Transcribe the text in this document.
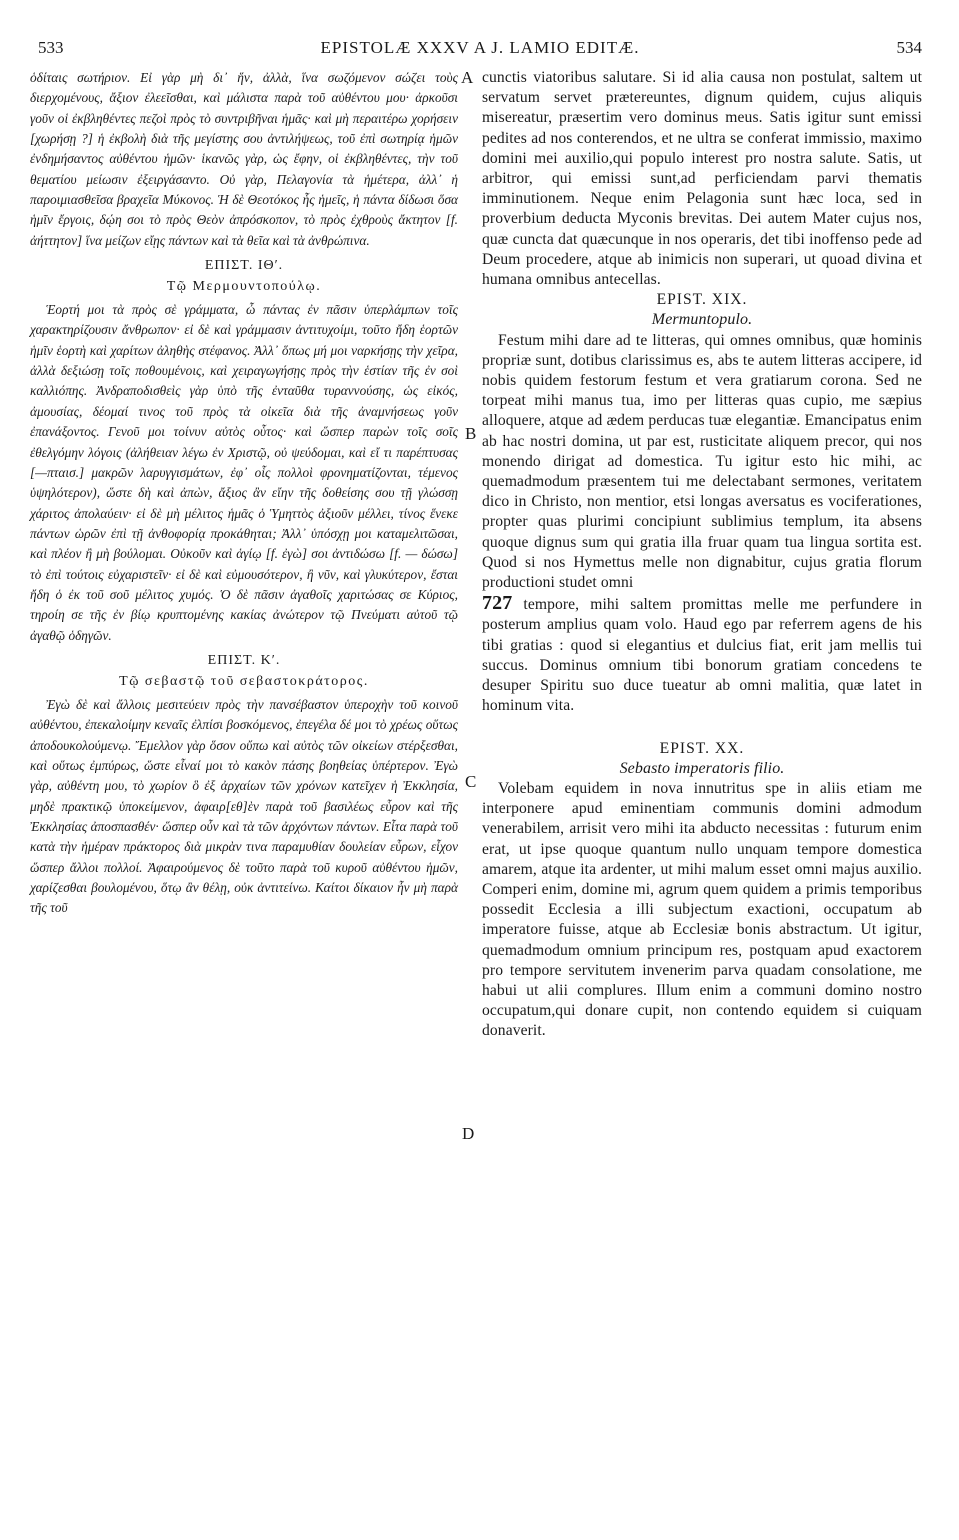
533	EPISTOLÆ XXXV A J. LAMIO EDITÆ.	534

ὁδίταις σωτήριον. Εἰ γὰρ μὴ δι᾽ ἥν, ἀλλὰ, ἵνα σωζόμενον σώζει τοὺς διερχομένους, ἄξιον ἐλεεῖσθαι, καὶ μάλιστα παρὰ τοῦ αὐθέντου μου· ἀρκοῦσι γοῦν οἱ ἐκβληθέντες πεζοὶ πρὸς τὸ συντριβῆναι ἡμᾶς· καὶ μὴ περαιτέρω χορήσειν [χωρήσῃ ?] ἡ ἐκβολὴ διὰ τῆς μεγίστης σου ἀντιλήψεως, τοῦ ἐπὶ σωτηρίᾳ ἡμῶν ἐνδημήσαντος αὐθέντου ἡμῶν· ἱκανῶς γὰρ, ὡς ἔφην, οἱ ἐκβληθέντες, τὴν τοῦ θεματίου μείωσιν ἐξειργάσαντο. Οὐ γὰρ, Πελαγονία τὰ ἡμέτερα, ἀλλ᾽ ἡ παροιμιασθεῖσα βραχεῖα Μύκονος. Ἡ δὲ Θεοτόκος ἧς ἡμεῖς, ἡ πάντα δίδωσι ὅσα ἡμῖν ἔργοις, δῴη σοι τὸ πρὸς Θεὸν ἀπρόσκοπον, τὸ πρὸς ἐχθροὺς ἄκτητον [f. ἀήττητον] ἵνα μείζων εἴῃς πάντων καὶ τὰ θεῖα καὶ τὰ ἀνθρώπινα.

ΕΠΙΣΤ. ΙΘ′.
Τῷ Μερμουντοπούλῳ.

Ἑορτή μοι τὰ πρὸς σὲ γράμματα, ὦ πάντας ἐν πᾶσιν ὑπερλάμπων τοῖς χαρακτηρίζουσιν ἄνθρωπον· εἰ δὲ καὶ γράμμασιν ἀντιτυχοίμι, τοῦτο ἤδη ἑορτῶν ἡμῖν ἑορτὴ καὶ χαρίτων ἀληθὴς στέφανος. Ἀλλ᾽ ὅπως μή μοι ναρκήσῃς τὴν χεῖρα, ἀλλὰ δεξιώσῃ τοῖς ποθουμένοις, καὶ χειραγωγήσῃς πρὸς τὴν ἑστίαν τῆς ἐν σοὶ καλλιόπης. Ἀνδραποδισθεὶς γὰρ ὑπὸ τῆς ἐνταῦθα τυραννούσης, ὡς εἰκός, ἀμουσίας, δέομαί τινος τοῦ πρὸς τὰ οἰκεῖα διὰ τῆς ἀναμνήσεως γοῦν ἐπανάξοντος. Γενοῦ μοι τοίνυν αὐτὸς οὗτος· καὶ ὥσπερ παρὼν τοῖς σοῖς ἐθελγόμην λόγοις (ἀλήθειαν λέγω ἐν Χριστῷ, οὐ ψεύδομαι, καὶ εἴ τι παρέπτυσας [—πταισ.] μακρῶν λαρυγγισμάτων, ἐφ᾽ οἷς πολλοὶ φρονηματίζονται, τέμενος ὑψηλότερον), ὥστε δὴ καὶ ἀπὼν, ἄξιος ἂν εἴην τῆς δοθείσης σου τῇ γλώσσῃ χάριτος ἀπολαύειν· εἰ δὲ μὴ μέλιτος ἡμᾶς ὁ Ὑμηττὸς ἀξιοῦν μέλλει, τίνος ἕνεκε πάντων ὡρῶν ἐπὶ τῇ ἀνθοφορίᾳ προκάθηται; Ἀλλ᾽ ὑπόσχῃ μοι καταμελιτῶσαι, καὶ πλέον ἢ μὴ βούλομαι. Οὐκοῦν καὶ ἁγίῳ [f. ἐγὼ] σοι ἀντιδώσω [f. — δώσω] τὸ ἐπὶ τούτοις εὐχαριστεῖν· εἰ δὲ καὶ εὐμουσότερον, ἢ νῦν, καὶ γλυκύτερον, ἔσται ἤδη ὁ ἐκ τοῦ σοῦ μέλιτος χυμός. Ὁ δὲ πᾶσιν ἀγαθοῖς χαριτώσας σε Κύριος, τηροίη σε τῆς ἐν βίῳ κρυπτομένης κακίας ἀνώτερον τῷ Πνεύματι αὐτοῦ τῷ ἀγαθῷ ὁδηγῶν.

ΕΠΙΣΤ. Κ′.
Τῷ σεβαστῷ τοῦ σεβαστοκράτορος.

Ἐγὼ δὲ καὶ ἄλλοις μεσιτεύειν πρὸς τὴν πανσέβαστον ὑπεροχὴν τοῦ κοινοῦ αὐθέντου, ἐπεκαλοίμην κεναῖς ἐλπίσι βοσκόμενος, ἐπεγέλα δέ μοι τὸ χρέως οὕτως ἀποδουκολούμενῳ. Ἔμελλον γὰρ ὅσον οὔπω καὶ αὐτὸς τῶν οἰκείων στέρξεσθαι, καὶ οὕτως ἐμπύρως, ὥστε εἶναί μοι τὸ κακὸν πάσης βοηθείας ὑπέρτερον. Ἐγὼ γὰρ, αὐθέντη μου, τὸ χωρίον ὃ ἐξ ἀρχαίων τῶν χρόνων κατεῖχεν ἡ Ἐκκλησία, μηδὲ πρακτικῷ ὑποκείμενον, ἀφαιρ[εθ]ὲν παρὰ τοῦ βασιλέως εὗρον καὶ τῆς Ἐκκλησίας ἀποσπασθέν· ὥσπερ οὖν καὶ τὰ τῶν ἀρχόντων πάντων. Εἶτα παρὰ τοῦ κατὰ τὴν ἡμέραν πράκτορος διὰ μικρὰν τινα παραμυθίαν δουλείαν εὗρων, εἶχον ὥσπερ ἄλλοι πολλοί. Ἀφαιρούμενος δὲ τοῦτο παρὰ τοῦ κυροῦ αὐθέντου ἡμῶν, χαρίζεσθαι βουλομένου, ὅτῳ ἂν θέλῃ, οὐκ ἀντιτείνω. Καίτοι δίκαιον ἦν μὴ παρὰ τῆς τοῦ

A
B
C
D

cunctis viatoribus salutare. Si id alia causa non postulat, saltem ut servatum servet prætereuntes, dignum quidem, cujus aliquis misereatur, præsertim vero dominus meus. Satis igitur sunt emissi pedites ad nos conterendos, et ne ultra se conferat immissio, maximo domini mei auxilio,qui populo interest pro nostra salute. Satis, ut arbitror, qui emissi sunt,ad perficiendam parvi thematis imminutionem. Neque enim Pelagonia sunt hæc loca, sed in proverbium deducta Myconis brevitas. Dei autem Mater cujus nos, quæ cuncta dat quæcunque in nos operaris, det tibi inoffenso pede ad Deum procedere, atque ab inimicis non superari, ut quoad divina et humana omnibus antecellas.

EPIST. XIX.
Mermuntopulo.

Festum mihi dare ad te litteras, qui omnes omnibus, quæ hominis propriæ sunt, dotibus clarissimus es, abs te autem litteras accipere, id nobis quidem festorum festum et vera gratiarum corona. Sed ne torpeat mihi manus tua, imo per litteras quas cupio, me sæpius alloquere, atque ad ædem perducas tuæ elegantiæ. Emancipatus enim ab hac nostri domina, ut par est, rusticitate aliquem precor, qui nos monendo dirigat ad domestica. Tu igitur esto hic mihi, ac quemadmodum præsentem tui me delectabant sermones, veritatem dico in Christo, non mentior, etsi longas aversatus es vociferationes, propter quas plurimi concipiunt sublimius templum, ita absens quoque dignus sum qui gratia illa fruar quam tua lingua sortita est. Quod si nos Hymettus melle non dignabitur, cujus gratia florum productioni studet omni
727 tempore, mihi saltem promittas melle me perfundere in posterum amplius quam volo. Haud ego par referrem agens de his tibi gratias : quod si elegantius et dulcius fiat, erit jam mellis tui succus. Dominus omnium tibi bonorum gratiam concedens te desuper Spiritu suo duce tueatur ab omni malitia, quæ latet in hominum vita.

EPIST. XX.
Sebasto imperatoris filio.

Volebam equidem in nova innutritus spe in aliis etiam me interponere apud eminentiam communis domini admodum venerabilem, arrisit vero mihi ita abducto necessitas : futurum enim erat, ut ipse quoque quantum nullo unquam tempore domestica amarem, atque ita ardenter, ut mihi malum esset omni majus auxilio. Comperi enim, domine mi, agrum quem quidem a primis temporibus possedit Ecclesia a illi subjectum exactioni, occupatum ab imperatore fuisse, atque ab Ecclesiæ bonis abstractum. Ut igitur, quemadmodum omnium principum res, postquam apud exactorem pro tempore servitutem invenerim parva quadam consolatione, me habui ut alii complures. Illum enim a communi domino nostro occupatum,qui donare cupit, non contendo equidem si cuiquam donaverit.
